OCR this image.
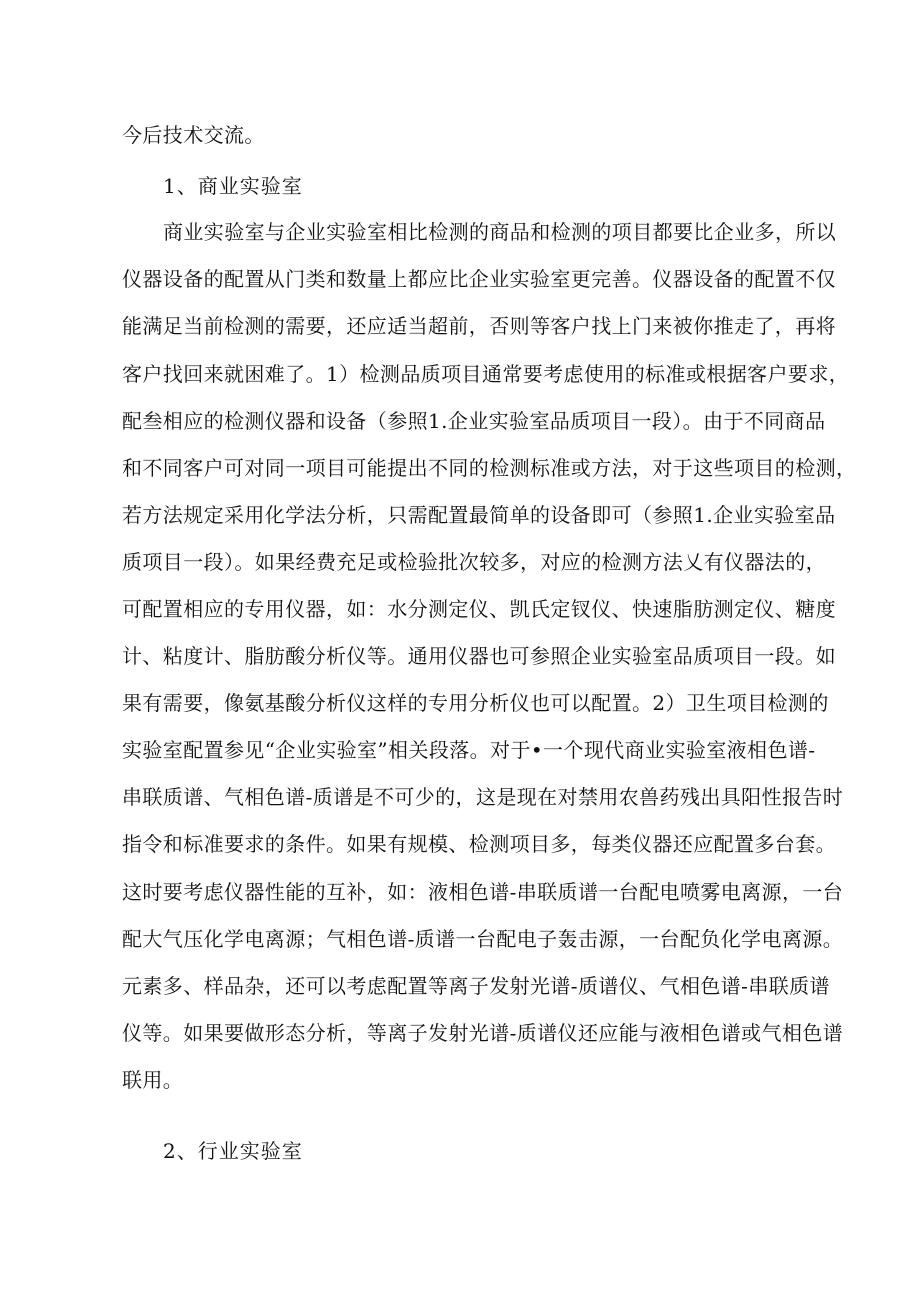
今后技术交流。
1、商业实验室
商业实验室与企业实验室相比检测的商品和检测的项目都要比企业多，所以
仪器设备的配置从门类和数量上都应比企业实验室更完善。仪器设备的配置不仅
能满足当前检测的需要，还应适当超前，否则等客户找上门来被你推走了，再将
客户找回来就困难了。1）检测品质项目通常要考虑使用的标准或根据客户要求，
配叁相应的检测仪器和设备（参照1.企业实验室品质项目一段）。由于不同商品
和不同客户可对同一项目可能提出不同的检测标准或方法，对于这些项目的检测，
若方法规定采用化学法分析，只需配置最简单的设备即可（参照1.企业实验室品
质项目一段）。如果经费充足或检验批次较多，对应的检测方法乂有仪器法的，
可配置相应的专用仪器，如：水分测定仪、凯氏定钗仪、快速脂肪测定仪、糖度
计、粘度计、脂肪酸分析仪等。通用仪器也可参照企业实验室品质项目一段。如
果有需要，像氨基酸分析仪这样的专用分析仪也可以配置。2）卫生项目检测的
实验室配置参见“企业实验室”相关段落。对于•一个现代商业实验室液相色谱-
串联质谱、气相色谱-质谱是不可少的，这是现在对禁用农兽药残出具阳性报告时
指令和标准要求的条件。如果有规模、检测项目多，每类仪器还应配置多台套。
这时要考虑仪器性能的互补，如：液相色谱-串联质谱一台配电喷雾电离源，一台
配大气压化学电离源；气相色谱-质谱一台配电子轰击源，一台配负化学电离源。
元素多、样品杂，还可以考虑配置等离子发射光谱-质谱仪、气相色谱-串联质谱
仪等。如果要做形态分析，等离子发射光谱-质谱仪还应能与液相色谱或气相色谱
联用。
2、行业实验室
